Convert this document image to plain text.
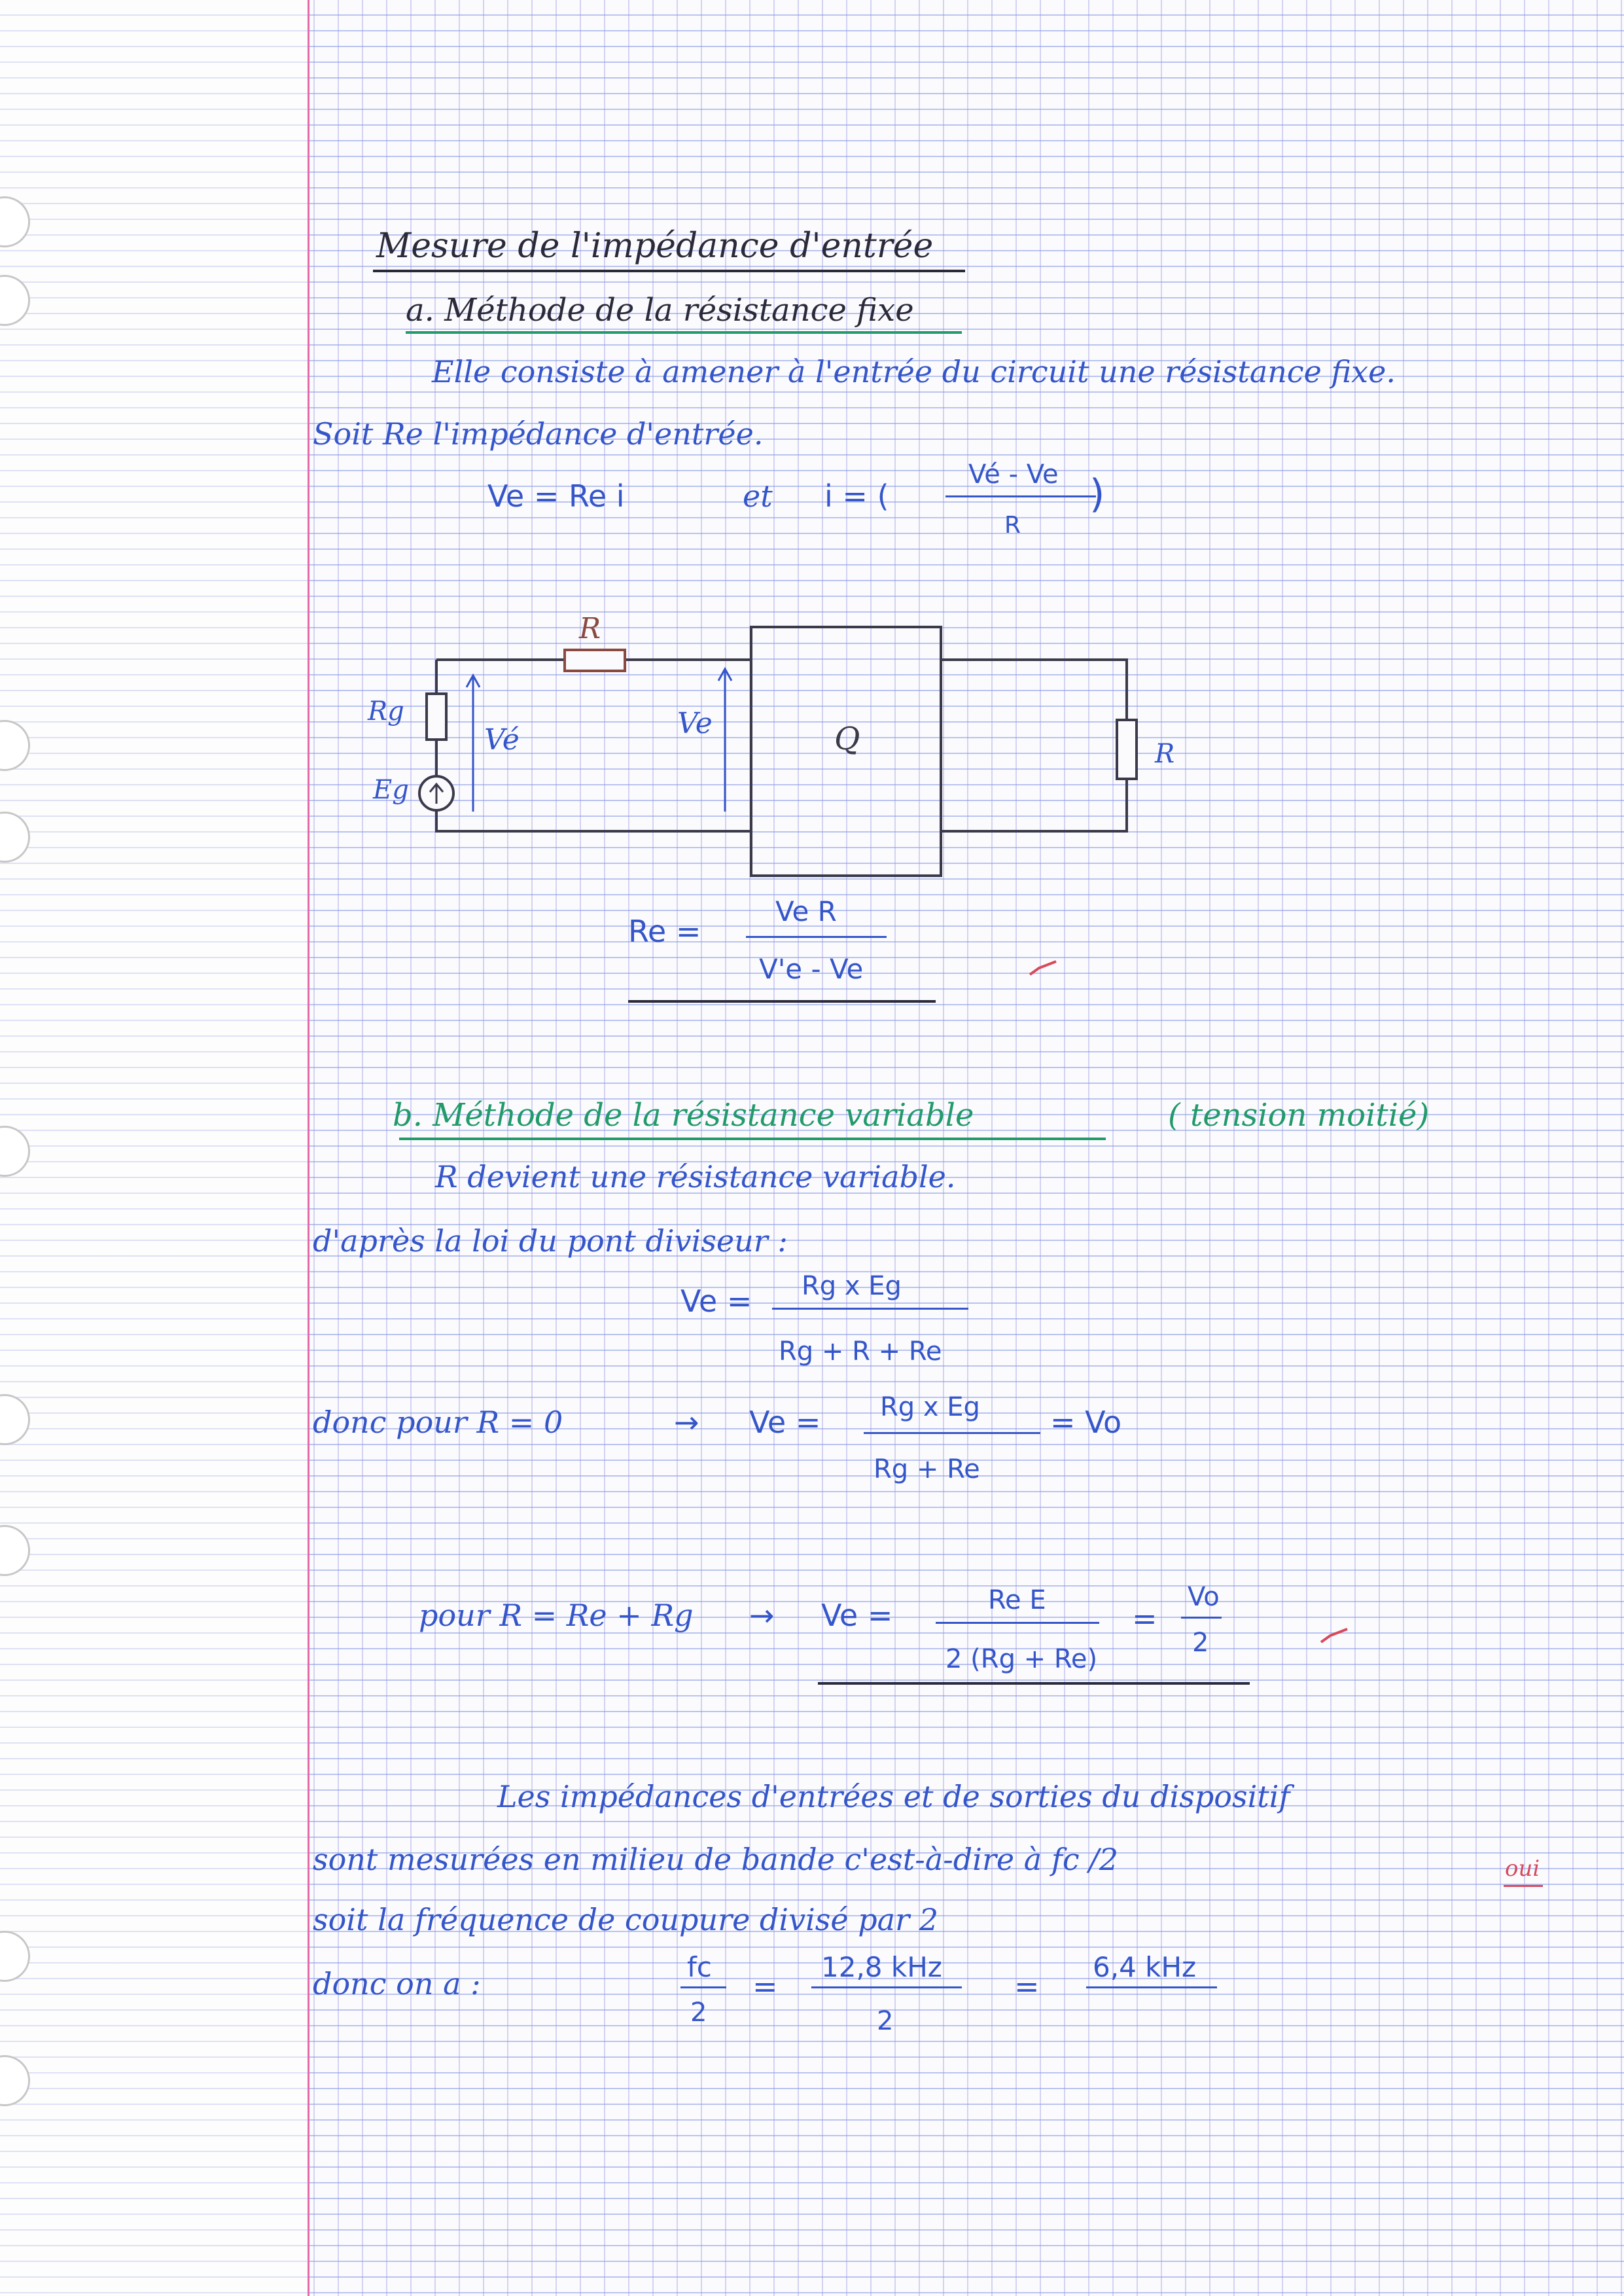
Mesure de l'impédance d'entrée
a. Méthode de la résistance fixe
Elle consiste à amener à l'entrée du circuit une résistance fixe.
Soit Re l'impédance d'entrée.
Ve = Re i	et i = (
Vé - Ve
R
)
R
Rg
Eg
Vé	Ve	Q	R
Re =
Ve R
V'e - Ve
b. Méthode de la résistance variable	( tension moitié)
R devient une résistance variable.
d'après la loi du pont diviseur :
Ve = Rg x Eg
Rg + R + Re
donc pour R = 0	→ Ve = Rg x Eg
Rg + Re
= Vo
pour R = Re + Rg → Ve =	Re E
2 (Rg + Re)
=
Vo
2
Les impédances d'entrées et de sorties du dispositif
sont mesurées en milieu de bande c'est-à-dire à fc /2	oui
soit la fréquence de coupure divisé par 2
donc on a :	fc
2
=
12,8 kHz
2
=
6,4 kHz
